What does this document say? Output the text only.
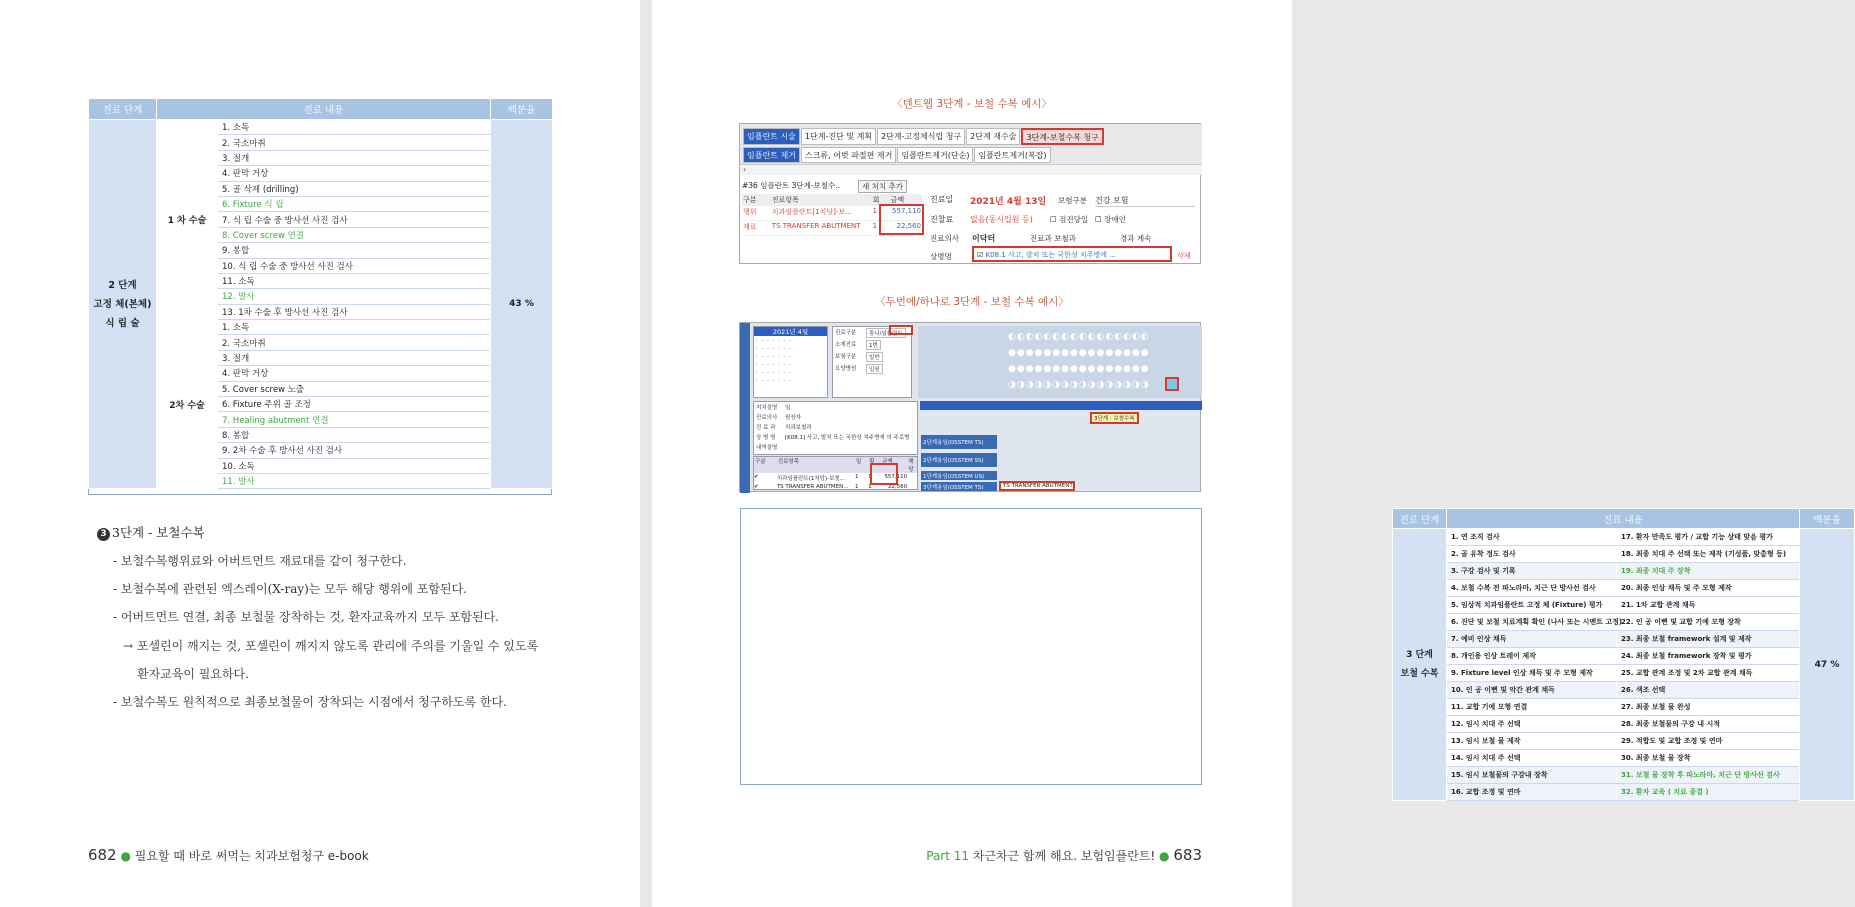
진료 단계	진료 내용		백분율

2 단계
고정 체(본체)
식 립 술	1 차 수술	1. 소독	43 %
		2. 국소마취	
		3. 절개	
		4. 판막 거상	
		5. 골 삭제 (drilling)	
		6. Fixture 식 립	
		7. 식 립 수술 중 방사선 사진 검사	
		8. Cover screw 연결	
		9. 봉합	
		10. 식 립 수술 중 방사선 사진 검사	
		11. 소독	
		12. 발사	
		13. 1차 수술 후 방사선 사진 검사	
	2차 수술	1. 소독	
		2. 국소마취	
		3. 절개	
		4. 판막 거상	
		5. Cover screw 노출	
		6. Fixture 주위 골 조정	
		7. Healing abutment 연결	
		8. 봉합	
		9. 2차 수술 후 방사선 사진 검사	
		10. 소독	
		11. 발사	
3 3단계 - 보철수복
- 보철수복행위료와 어버트먼트 재료대를 같이 청구한다.
- 보철수복에 관련된 엑스레이(X-ray)는 모두 해당 행위에 포함된다.
- 어버트먼트 연결, 최종 보철물 장착하는 것, 환자교육까지 모두 포함된다.
→ 포셀린이 깨지는 것, 포셀린이 깨지지 않도록 관리에 주의를 기울일 수 있도록
환자교육이 필요하다.
- 보철수복도 원칙적으로 최종보철물이 장착되는 시점에서 청구하도록 한다.
682 ● 필요할 때 바로 써먹는 치과보험청구 e-book
〈덴트웹 3단계 - 보철 수복 예시〉
임플란트 시술	1단계-진단 및 계획	2단계-고정체식립 청구	2단계 재수술	3단계-보철수복 청구
임플란트 제거	스크류, 어벗 파절편 제거	임플란트제거(단순)	임플란트제거(복잡)
‹
#36 임플란트 3단계-보철수..	새 처치 추가
구분	진료항목	회	금액
행위	치과임플란트[1치당]-보...	1	557,110
재료	TS TRANSFER ABUTMENT	1	22,560
진료일 2021년 4월 13일 보험구분 건강 보험
진찰료 없음(동시입원 등) ☐ 검진당일 ☐ 장애인
진료의사 이닥터	진료과 보철과	경과 계속
상병명	☑ K08.1 사고, 발치 또는 국한성 치주병에 ...	삭제
〈두번에/하나로 3단계 - 보철 수복 예시〉
2021년 4월
· · · · · · ·
· · · · · · ·
· · · · · · ·
· · · · · · ·
· · · · · · ·
· · · · · · ·
진료구분	통니/임플란트
소재진료	1번
보험구분	일반
요양병원	입원
◐◐◐◐◐◐◐◐◐◐◐◐◐◐◐◐
●●●●●●●●●●●●●●●●
●●●●●●●●●●●●●●●●
◑◑◑◑◑◑◑◑◑◑◑◑◑◑◑◑
처치설명	임
진료의사	원장자
진 료 과	치과보철과
상 병 명	[K08.1] 사고, 발치 또는 국한성 치주병에 의 주로병
내역설명
구분	진료항목	일	횟	금액	해당
✔	치과임플란트(1치당)-보철...	1	1	557,110
✔	TS TRANSFER ABUTMEN...	1	1	22,560
3단계 : 보철수복
2단계용임(OSSTEM TS)
2단계용임(OSSTEM SS)
1단계용임(OSSTEM US)
3단계용임(OSSTEM TS)	TS TRANSFER ABUTMENT
진료 단계	진료 내용		백분율

3 단계
보철 수복	1. 연 조직 검사	17. 환자 만족도 평가 / 교합 기능 상태 맞음 평가	47 %
	2. 골 유착 정도 검사	18. 최종 치대 주 선택 또는 제작 (기성품, 맞춤형 등)	
	3. 구강 검사 및 기록	19. 최종 치대 주 장착	
	4. 보철 수복 전 파노라마, 치근 단 방사선 검사	20. 최종 인상 채득 및 주 모형 제작	
	5. 임상적 치과임플란트 고정 체 (Fixture) 평가	21. 1차 교합 관계 채득	
	6. 진단 및 보철 치료계획 확인 (나사 또는 시멘트 고정)	22. 인 공 이뻔 및 교합 기예 모형 장착	
	7. 예비 인상 채득	23. 최종 보철 framework 설계 및 제작	
	8. 개인용 인상 트레이 제작	24. 최종 보철 framework 장착 및 평가	
	9. Fixture level 인상 채득 및 주 모형 제작	25. 교합 관계 조정 및 2차 교합 관계 채득	
	10. 인 공 이뻔 및 악간 관계 채득	26. 색조 선택	
	11. 교합 기예 모형 연결	27. 최종 보철 물 완성	
	12. 임시 치대 주 선택	28. 최종 보철물의 구강 내 시적	
	13. 임시 보철 물 제작	29. 적합도 및 교합 조정 및 연마	
	14. 임시 치대 주 선택	30. 최종 보철 물 장착	
	15. 임시 보철물의 구강내 장착	31. 보철 물 장착 후 파노라마, 치근 단 방사선 검사	
	16. 교합 조정 및 연마	32. 환자 교육 ( 치료 종결 )	
Part 11 차근차근 함께 해요. 보험임플란트! ● 683
